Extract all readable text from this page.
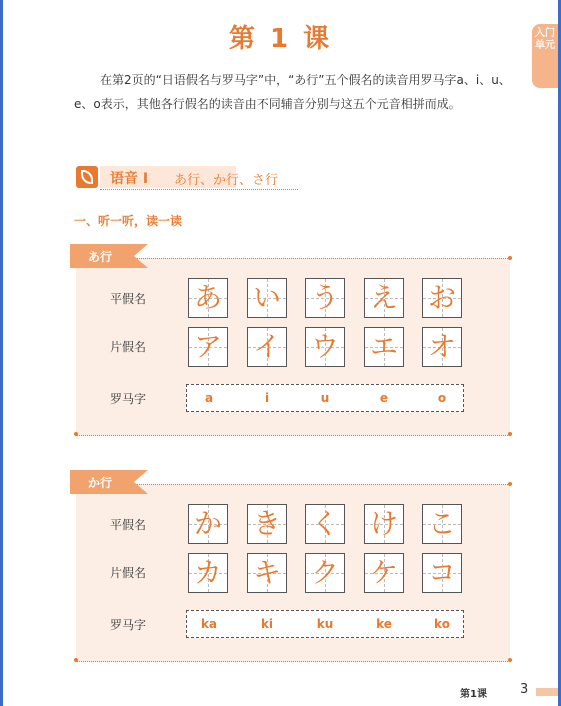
入门单元
第 1 课
在第2页的“日语假名与罗马字”中，“あ行”五个假名的读音用罗马字a、i、u、e、o表示，其他各行假名的读音由不同辅音分别与这五个元音相拼而成。
语音 I あ行、か行、さ行
一、听一听，读一读
あ行
平假名 あ い う え お
片假名 ア イ ウ エ オ
罗马字	a	i	u	e	o
か行
平假名 か き く け こ
片假名 カ キ ク ケ コ
罗马字	ka	ki	ku	ke	ko
第1课	3
